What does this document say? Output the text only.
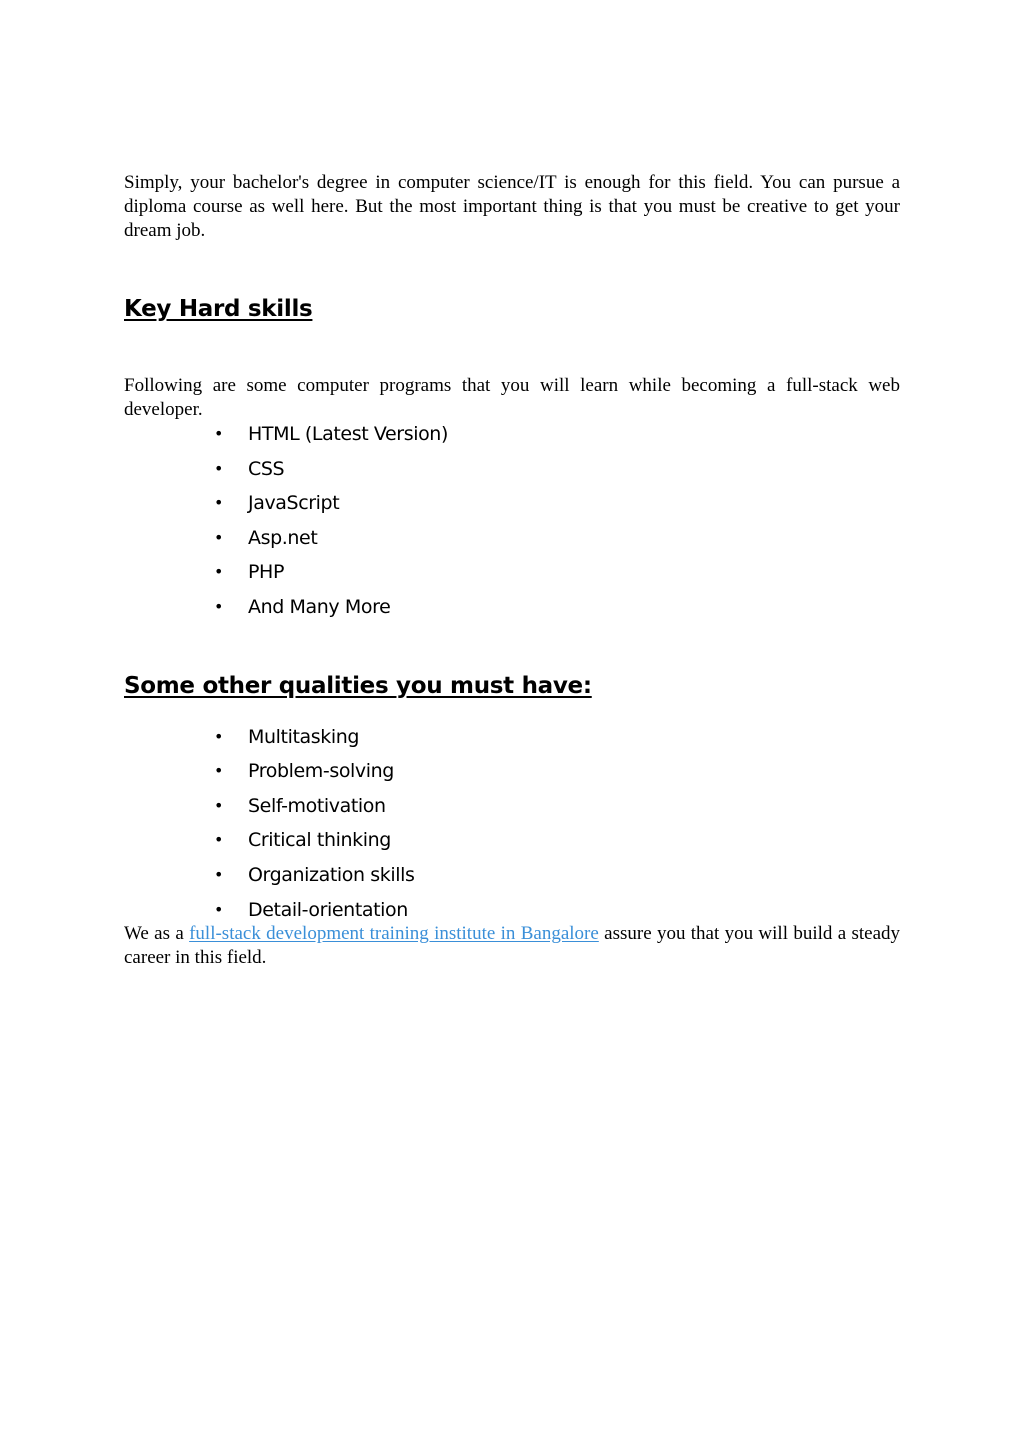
Simply, your bachelor's degree in computer science/IT is enough for this field. You can pursue a diploma course as well here. But the most important thing is that you must be creative to get your dream job.

Key Hard skills

Following are some computer programs that you will learn while becoming a full-stack web developer.

• HTML (Latest Version)
• CSS
• JavaScript
• Asp.net
• PHP
• And Many More
Some other qualities you must have:
• Multitasking
• Problem-solving
• Self-motivation
• Critical thinking
• Organization skills
• Detail-orientation

We as a full-stack development training institute in Bangalore assure you that you will build a steady career in this field.
